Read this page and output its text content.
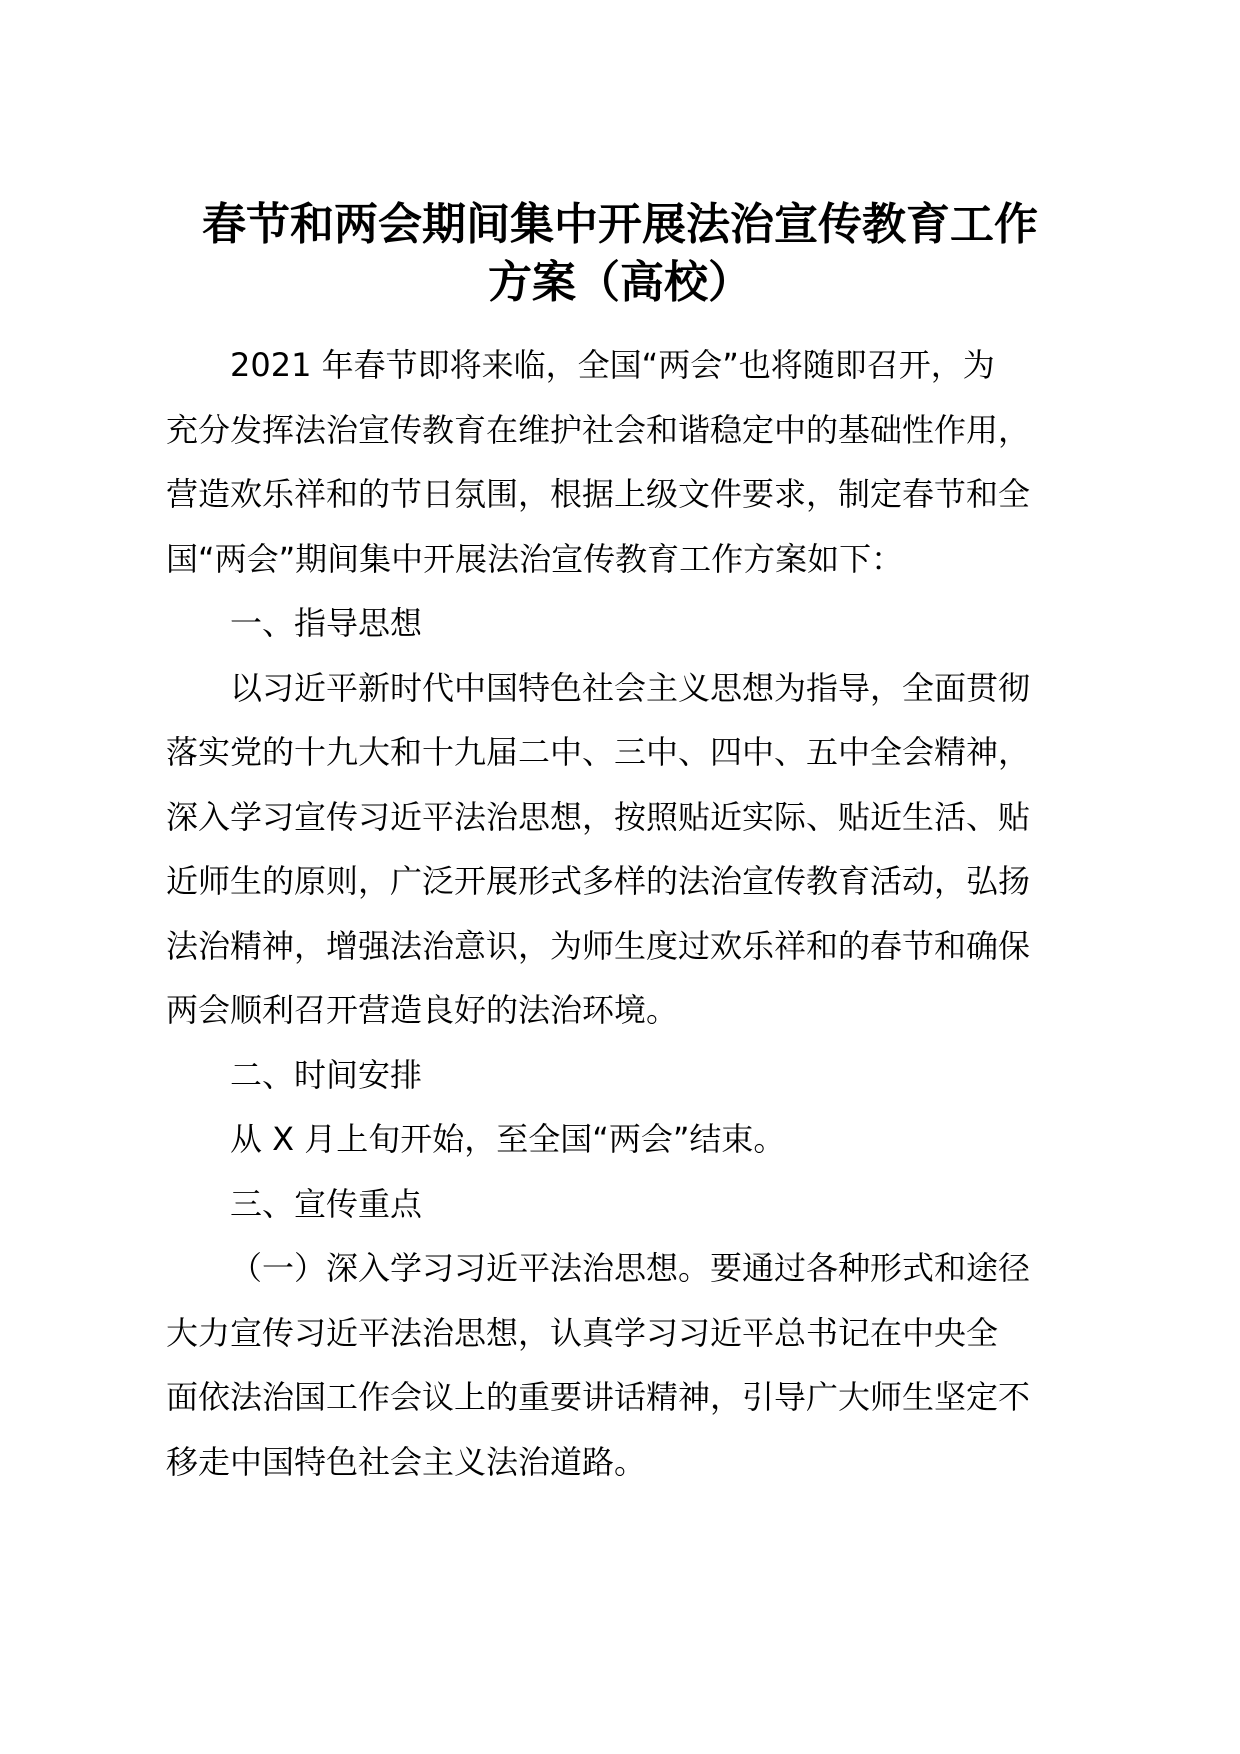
春节和两会期间集中开展法治宣传教育工作
方案（高校）
2021 年春节即将来临，全国“两会”也将随即召开，为
充分发挥法治宣传教育在维护社会和谐稳定中的基础性作用，
营造欢乐祥和的节日氛围，根据上级文件要求，制定春节和全
国“两会”期间集中开展法治宣传教育工作方案如下：
一、指导思想
以习近平新时代中国特色社会主义思想为指导，全面贯彻
落实党的十九大和十九届二中、三中、四中、五中全会精神，
深入学习宣传习近平法治思想，按照贴近实际、贴近生活、贴
近师生的原则，广泛开展形式多样的法治宣传教育活动，弘扬
法治精神，增强法治意识，为师生度过欢乐祥和的春节和确保
两会顺利召开营造良好的法治环境。
二、时间安排
从 X 月上旬开始，至全国“两会”结束。
三、宣传重点
（一）深入学习习近平法治思想。要通过各种形式和途径
大力宣传习近平法治思想，认真学习习近平总书记在中央全
面依法治国工作会议上的重要讲话精神，引导广大师生坚定不
移走中国特色社会主义法治道路。
